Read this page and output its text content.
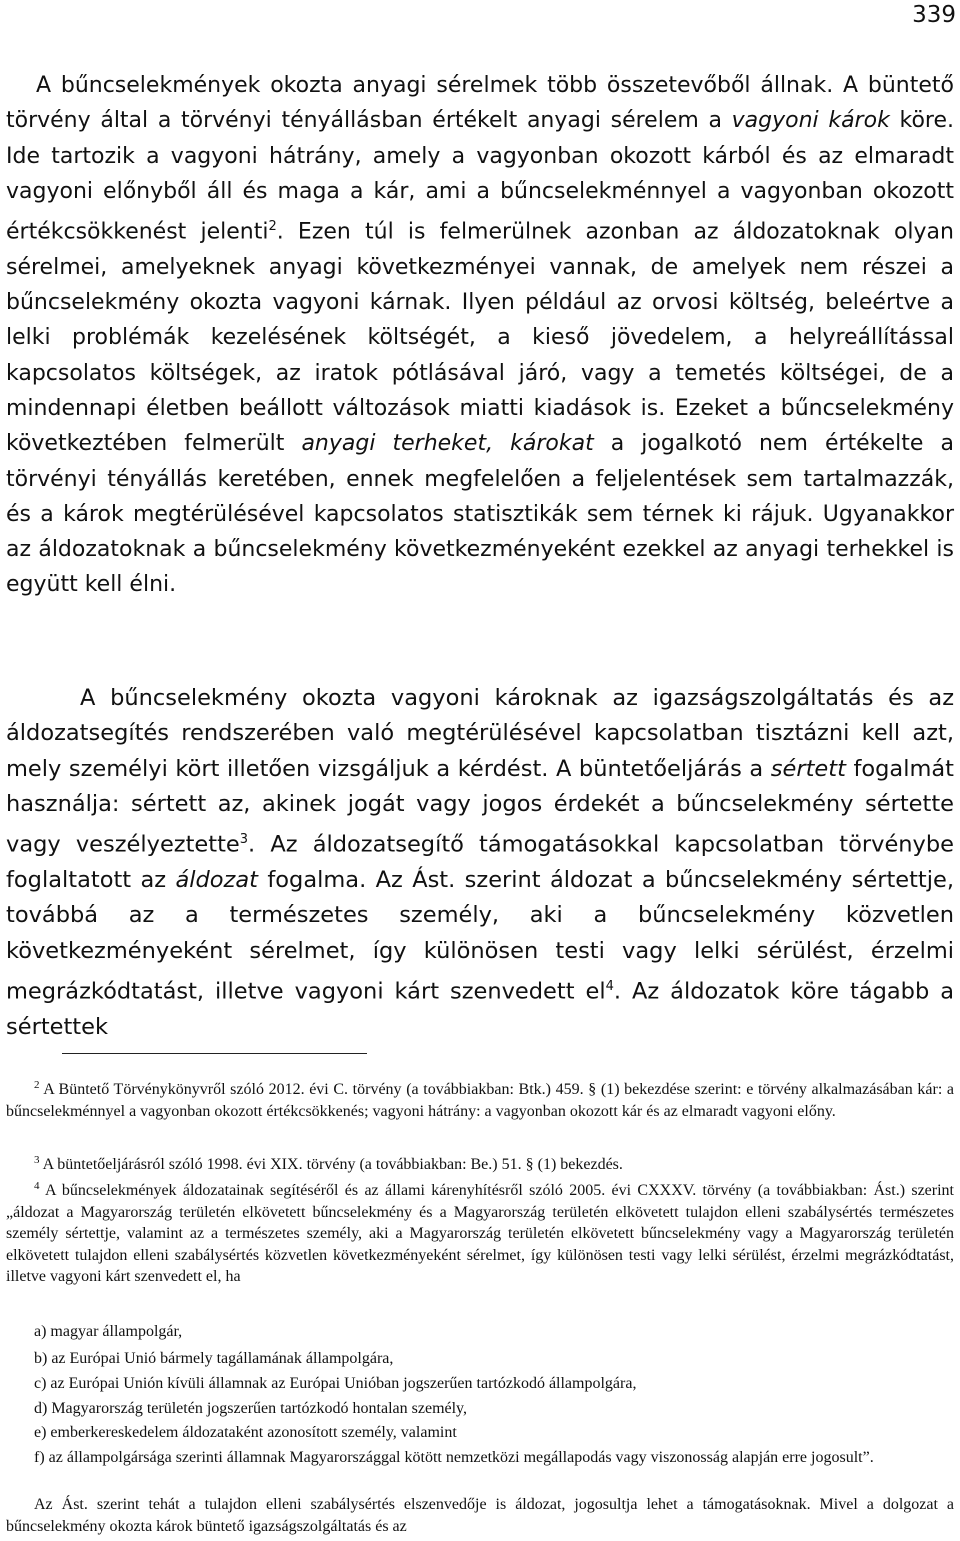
339
A bűncselekmények okozta anyagi sérelmek több összetevőből állnak. A büntető törvény által a törvényi tényállásban értékelt anyagi sérelem a vagyoni károk köre. Ide tartozik a vagyoni hátrány, amely a vagyonban okozott kárból és az elmaradt vagyoni előnyből áll és maga a kár, ami a bűncselekménnyel a vagyonban okozott értékcsökkenést jelenti$^2$. Ezen túl is felmerülnek azonban az áldozatoknak olyan sérelmei, amelyeknek anyagi következményei vannak, de amelyek nem részei a bűncselekmény okozta vagyoni kárnak. Ilyen például az orvosi költség, beleértve a lelki problémák kezelésének költségét, a kieső jövedelem, a helyreállítással kapcsolatos költségek, az iratok pótlásával járó, vagy a temetés költségei, de a mindennapi életben beállott változások miatti kiadások is. Ezeket a bűncselekmény következtében felmerült anyagi terheket, károkat a jogalkotó nem értékelte a törvényi tényállás keretében, ennek megfelelően a feljelentések sem tartalmazzák, és a károk megtérülésével kapcsolatos statisztikák sem térnek ki rájuk. Ugyanakkor az áldozatoknak a bűncselekmény következményeként ezekkel az anyagi terhekkel is együtt kell élni.
A bűncselekmény okozta vagyoni károknak az igazságszolgáltatás és az áldozatsegítés rendszerében való megtérülésével kapcsolatban tisztázni kell azt, mely személyi kört illetően vizsgáljuk a kérdést. A büntetőeljárás a sértett fogalmát használja: sértett az, akinek jogát vagy jogos érdekét a bűncselekmény sértette vagy veszélyeztette$^3$. Az áldozatsegítő támogatásokkal kapcsolatban törvénybe foglaltatott az áldozat fogalma. Az Ást. szerint áldozat a bűncselekmény sértettje, továbbá az a természetes személy, aki a bűncselekmény közvetlen következményeként sérelmet, így különösen testi vagy lelki sérülést, érzelmi megrázkódtatást, illetve vagyoni kárt szenvedett $el^4$. Az áldozatok köre tágabb a sértettek
$^2$ A Büntető Törvénykönyvről szóló 2012. évi C. törvény (a továbbiakban: Btk.) 459. § (1) bekezdése szerint: e törvény alkalmazásában kár: a bűncselekménnyel a vagyonban okozott értékcsökkenés; vagyoni hátrány: a vagyonban okozott kár és az elmaradt vagyoni előny.
$^3$ A büntetőeljárásról szóló 1998. évi XIX. törvény (a továbbiakban: Be.) 51. § (1) bekezdés.
$^4$ A bűncselekmények áldozatainak segítéséről és az állami kárenyhítésről szóló 2005. évi CXXXV. törvény (a továbbiakban: Ást.) szerint „áldozat a Magyarország területén elkövetett bűncselekmény és a Magyarország területén elkövetett tulajdon elleni szabálysértés természetes személy sértettje, valamint az a természetes személy, aki a Magyarország területén elkövetett bűncselekmény vagy a Magyarország területén elkövetett tulajdon elleni szabálysértés közvetlen következményeként sérelmet, így különösen testi vagy lelki sérülést, érzelmi megrázkódtatást, illetve vagyoni kárt szenvedett el, ha
a) magyar állampolgár,
b) az Európai Unió bármely tagállamának állampolgára,
c) az Európai Unión kívüli államnak az Európai Unióban jogszerűen tartózkodó állampolgára,
d) Magyarország területén jogszerűen tartózkodó hontalan személy,
e) emberkereskedelem áldozataként azonosított személy, valamint
f) az állampolgársága szerinti államnak Magyarországgal kötött nemzetközi megállapodás vagy viszonosság alapján erre jogosult”.
Az Ást. szerint tehát a tulajdon elleni szabálysértés elszenvedője is áldozat, jogosultja lehet a támogatásoknak. Mivel a dolgozat a bűncselekmény okozta károk büntető igazságszolgáltatás és az
